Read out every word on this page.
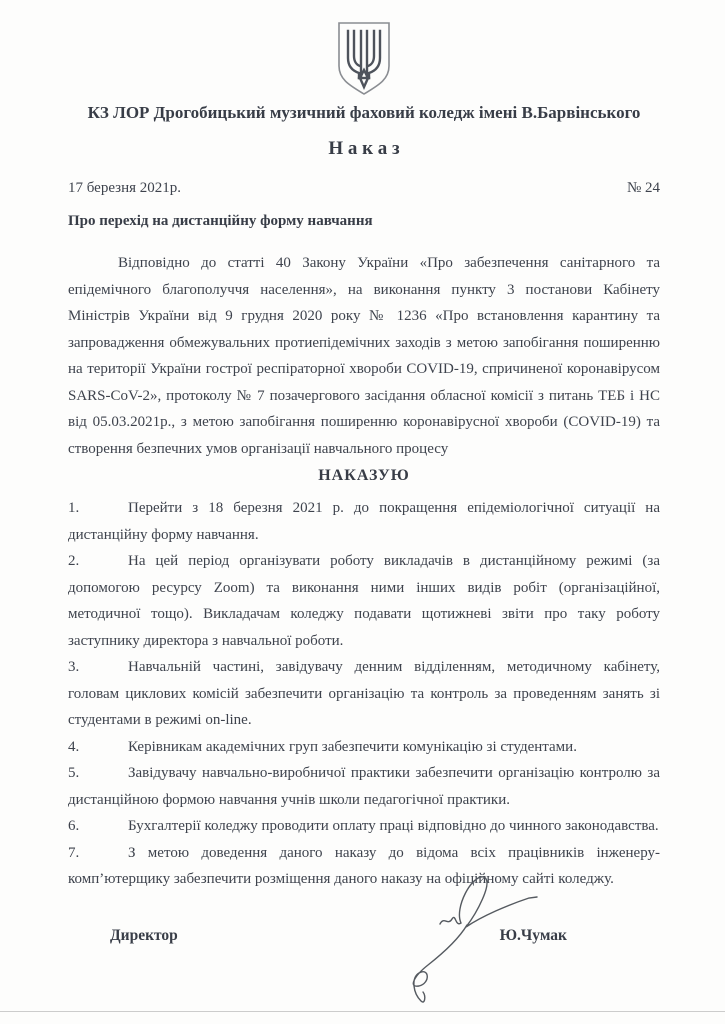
КЗ ЛОР Дрогобицький музичний фаховий коледж імені В.Барвінського
Н а к а з
17 березня 2021р.	№ 24
Про перехід на дистанційну форму навчання

Відповідно до статті 40 Закону України «Про забезпечення санітарного та епідемічного благополуччя населення», на виконання пункту 3 постанови Кабінету Міністрів України від 9 грудня 2020 року № 1236 «Про встановлення карантину та запровадження обмежувальних протиепідемічних заходів з метою запобігання поширенню на території України гострої респіраторної хвороби COVID-19, спричиненої коронавірусом SARS-CoV-2», протоколу № 7 позачергового засідання обласної комісії з питань ТЕБ і НС від 05.03.2021р., з метою запобігання поширенню коронавірусної хвороби (COVID-19) та створення безпечних умов організації навчального процесу

НАКАЗУЮ

1.	Перейти з 18 березня 2021 р. до покращення епідеміологічної ситуації на дистанційну форму навчання.

2.	На цей період організувати роботу викладачів в дистанційному режимі (за допомогою ресурсу Zoom) та виконання ними інших видів робіт (організаційної, методичної тощо). Викладачам коледжу подавати щотижневі звіти про таку роботу заступнику директора з навчальної роботи.

3.	Навчальній частині, завідувачу денним відділенням, методичному кабінету, головам циклових комісій забезпечити організацію та контроль за проведенням занять зі студентами в режимі on-line.

4.	Керівникам академічних груп забезпечити комунікацію зі студентами.

5.	Завідувачу навчально-виробничої практики забезпечити організацію контролю за дистанційною формою навчання учнів школи педагогічної практики.

6.	Бухгалтерії коледжу проводити оплату праці відповідно до чинного законодавства.

7.	З метою доведення даного наказу до відома всіх працівників інженеру-комп’ютерщику забезпечити розміщення даного наказу на офіційному сайті коледжу.

Директор	Ю.Чумак
